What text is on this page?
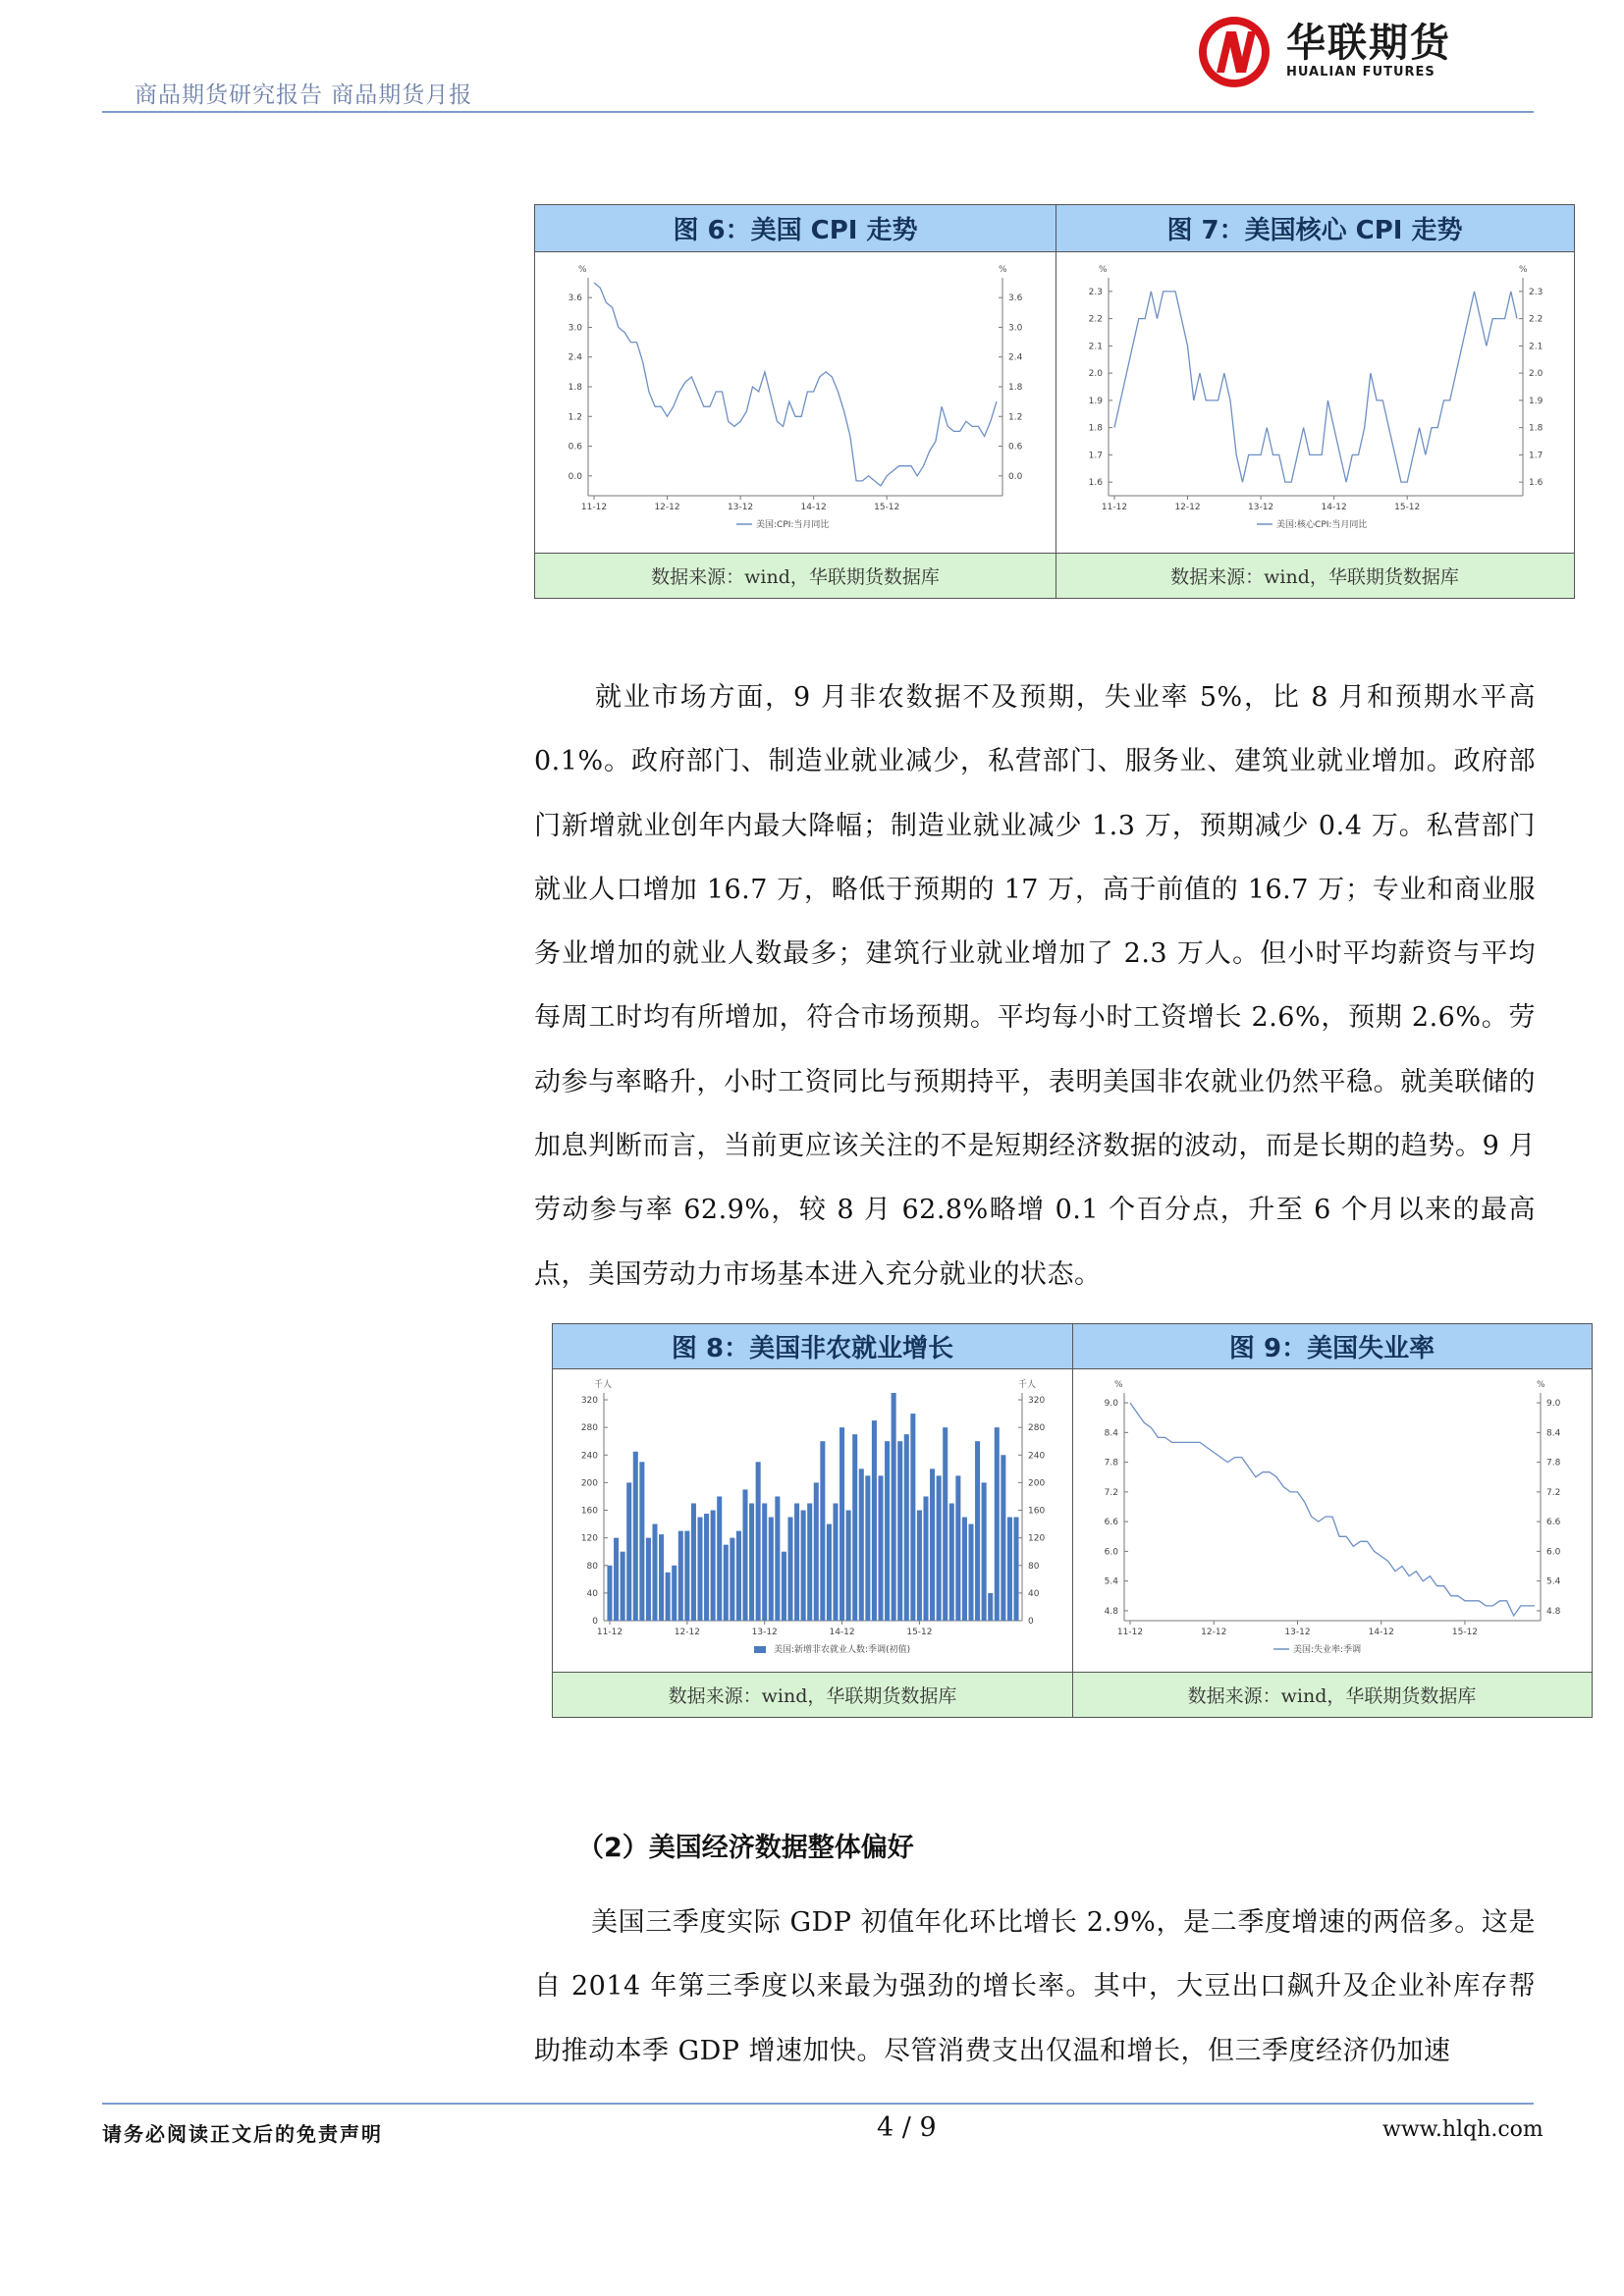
商品期货研究报告 商品期货月报
华联期货
HUALIAN FUTURES
图 6：美国 CPI 走势	图 7：美国核心 CPI 走势
%	%
0.0	0.0
0.6	0.6
1.2	1.2
1.8	1.8
2.4	2.4
3.0	3.0
3.6	3.6
11-12	12-12	13-12	14-12	15-12
美国:CPI:当月同比
%	%
1.6	1.6
1.7	1.7
1.8	1.8
1.9	1.9
2.0	2.0
2.1	2.1
2.2	2.2
2.3	2.3
11-12	12-12	13-12	14-12	15-12
美国:核心CPI:当月同比
数据来源：wind，华联期货数据库	数据来源：wind，华联期货数据库
就业市场方面，9 月非农数据不及预期，失业率 5%，比 8 月和预期水平高 0.1%。政府部门、制造业就业减少，私营部门、服务业、建筑业就业增加。政府部门新增就业创年内最大降幅；制造业就业减少 1.3 万，预期减少 0.4 万。私营部门就业人口增加 16.7 万，略低于预期的 17 万，高于前值的 16.7 万；专业和商业服务业增加的就业人数最多；建筑行业就业增加了 2.3 万人。但小时平均薪资与平均每周工时均有所增加，符合市场预期。平均每小时工资增长 2.6%，预期 2.6%。劳动参与率略升，小时工资同比与预期持平，表明美国非农就业仍然平稳。就美联储的加息判断而言，当前更应该关注的不是短期经济数据的波动，而是长期的趋势。9 月劳动参与率 62.9%，较 8 月 62.8%略增 0.1 个百分点，升至 6 个月以来的最高点，美国劳动力市场基本进入充分就业的状态。
图 8：美国非农就业增长	图 9：美国失业率
千人	千人
0	0
40	40
80	80
120	120
160	160
200	200
240	240
280	280
320	320
11-12	12-12	13-12	14-12	15-12
美国:新增非农就业人数:季调(初值)
%	%
4.8	4.8
5.4	5.4
6.0	6.0
6.6	6.6
7.2	7.2
7.8	7.8
8.4	8.4
9.0	9.0
11-12	12-12	13-12	14-12	15-12
美国:失业率:季调
数据来源：wind，华联期货数据库	数据来源：wind，华联期货数据库
（2）美国经济数据整体偏好
美国三季度实际 GDP 初值年化环比增长 2.9%，是二季度增速的两倍多。这是自 2014 年第三季度以来最为强劲的增长率。其中，大豆出口飙升及企业补库存帮助推动本季 GDP 增速加快。尽管消费支出仅温和增长，但三季度经济仍加速
请务必阅读正文后的免责声明	4 / 9	www.hlqh.com
